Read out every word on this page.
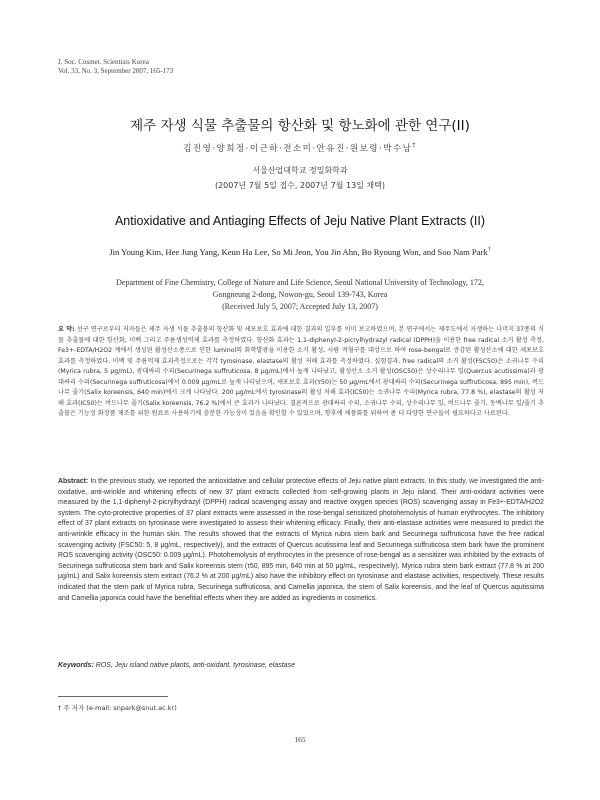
J. Soc. Cosmet. Scientists Korea
Vol. 33, No. 3, September 2007, 165-173
제주 자생 식물 추출물의 항산화 및 항노화에 관한 연구(II)
김진영·양희정·이근하·전소미·안유진·원보령·박수남†
서울산업대학교 정밀화학과
(2007년 7월 5일 접수, 2007년 7월 13일 채택)
Antioxidative and Antiaging Effects of Jeju Native Plant Extracts (II)
Jin Young Kim, Hee Jung Yang, Keun Ha Lee, So Mi Jeon, You Jin Ahn, Bo Ryoung Won, and Soo Nam Park†
Department of Fine Chemistry, College of Nature and Life Science, Seoul National University of Technology, 172,
Gongneung 2-dong, Nowon-gu, Seoul 139-743, Korea
(Received July 5, 2007; Accepted July 13, 2007)
요 약: 선구 연구로부터 저자들은 제주 자생 식물 추출물의 항산화 및 세포보호 효과에 대한 결과의 일부를 이미 보고하였으며, 본 연구에서는 제주도에서 자생하는 나머지 37종의 식물 추출물에 대한 항산화, 미백 그리고 주름생성억제 효과를 측정하였다. 항산화 효과는 1,1-diphenyl-2-picrylhydrazyl radical (DPPH)을 이용한 free radical 소거 활성 측정, Fe3+-EDTA/H2O2 계에서 생성된 활성산소종으로 인한 luminol의 화학발광을 이용한 소거 활성, 사람 적혈구를 대상으로 하여 rose-bengal로 증감된 활성산소에 대한 세포보호 효과를 측정하였다. 미백 및 주름억제 효과측정으로는 각각 tyrosinase, elastase의 활성 저해 효과를 측정하였다. 실험결과, free radical의 소거 활성(FSC50)은 소귀나무 수피(Myrica rubra, 5 μg/mL), 광대싸리 수피(Securinega suffruticosa, 8 μg/mL)에서 높게 나타났고, 활성산소 소거 활성(OSC50)은 상수리나무 잎(Quercus acutissima)과 광대싸리 수피(Securinega suffruticosa)에서 0.009 μg/mL로 높게 나타났으며, 세포보호 효과(τ50)는 50 μg/mL에서 광대싸리 수피(Securinega suffruticosa, 895 min), 버드나무 줄기(Salix koreensis, 640 min)에서 크게 나타났다. 200 μg/mL에서 tyrosinase의 활성 저해 효과(IC50)는 소귀나무 수피(Myrica rubra, 77.8 %), elastase의 활성 저해 효과(IC50)는 버드나무 줄기(Salix koreensis, 76.2 %)에서 큰 효과가 나타났다. 결론적으로 광대싸리 수피, 소귀나무 수피, 상수리나무 잎, 버드나무 줄기, 동백나무 잎/줄기 추출물은 기능성 화장품 제조를 위한 원료로 사용하기에 충분한 가능성이 있음을 확인할 수 있었으며, 향후에 제품화를 위하여 좀 더 다양한 연구들이 필요하다고 사료된다.
Abstract: In the previous study, we reported the antioxidative and cellular protective effects of Jeju native plant extracts. In this study, we investigated the anti-oxidative, anti-wrinkle and whitening effects of new 37 plant extracts collected from self-growing plants in Jeju island. Their anti-oxidant activities were measured by the 1,1-diphenyl-2-picrylhydrazyl (DPPH) radical scavenging assay and reactive oxygen species (ROS) scavenging assay in Fe3+-EDTA/H2O2 system. The cyto-protective properties of 37 plant extracts were assessed in the rose-bengal sensitized photohemolysis of human erythrocytes. The inhibitory effect of 37 plant extracts on tyrosinase were investigated to assess their whitening efficacy. Finally, their anti-elastase activities were measured to predict the anti-wrinkle efficacy in the human skin. The results showed that the extracts of Myrica rubra stem bark and Securinega suffruticosa have the free radical scavenging activity (FSC50: 5, 8 μg/mL, respectively), and the extracts of Quercus acutissima leaf and Securinega suffruticosa stem bark have the prominent ROS scavenging activity (OSC50: 0.009 μg/mL). Photohemolysis of erythrocytes in the presence of rose-bengal as a sensitizer was inhibited by the extracts of Securinega suffruticosa stem bark and Salix koreensis stem (τ50, 895 min, 640 min at 50 μg/mL, respectively). Myrica rubra stem bark extract (77.8 % at 200 μg/mL) and Salix koreensis stem extract (76.2 % at 200 μg/mL) also have the inhibitory effect on tyrosinase and elastase activities, respectively. These results indicated that the stem park of Myrica rubra, Securinega suffruticosa, and Camellia japonica, the stem of Salix koreensis, and the leaf of Quercus aqutissima and Camellia japonica could have the benefitial effects when they are added as ingredients in cosmetics.
Keywords: ROS, Jeju island native plants, anti-oxidant, tyrosinase, elastase
† 주 저자 (e-mail: snpark@snut.ac.kr)
165
